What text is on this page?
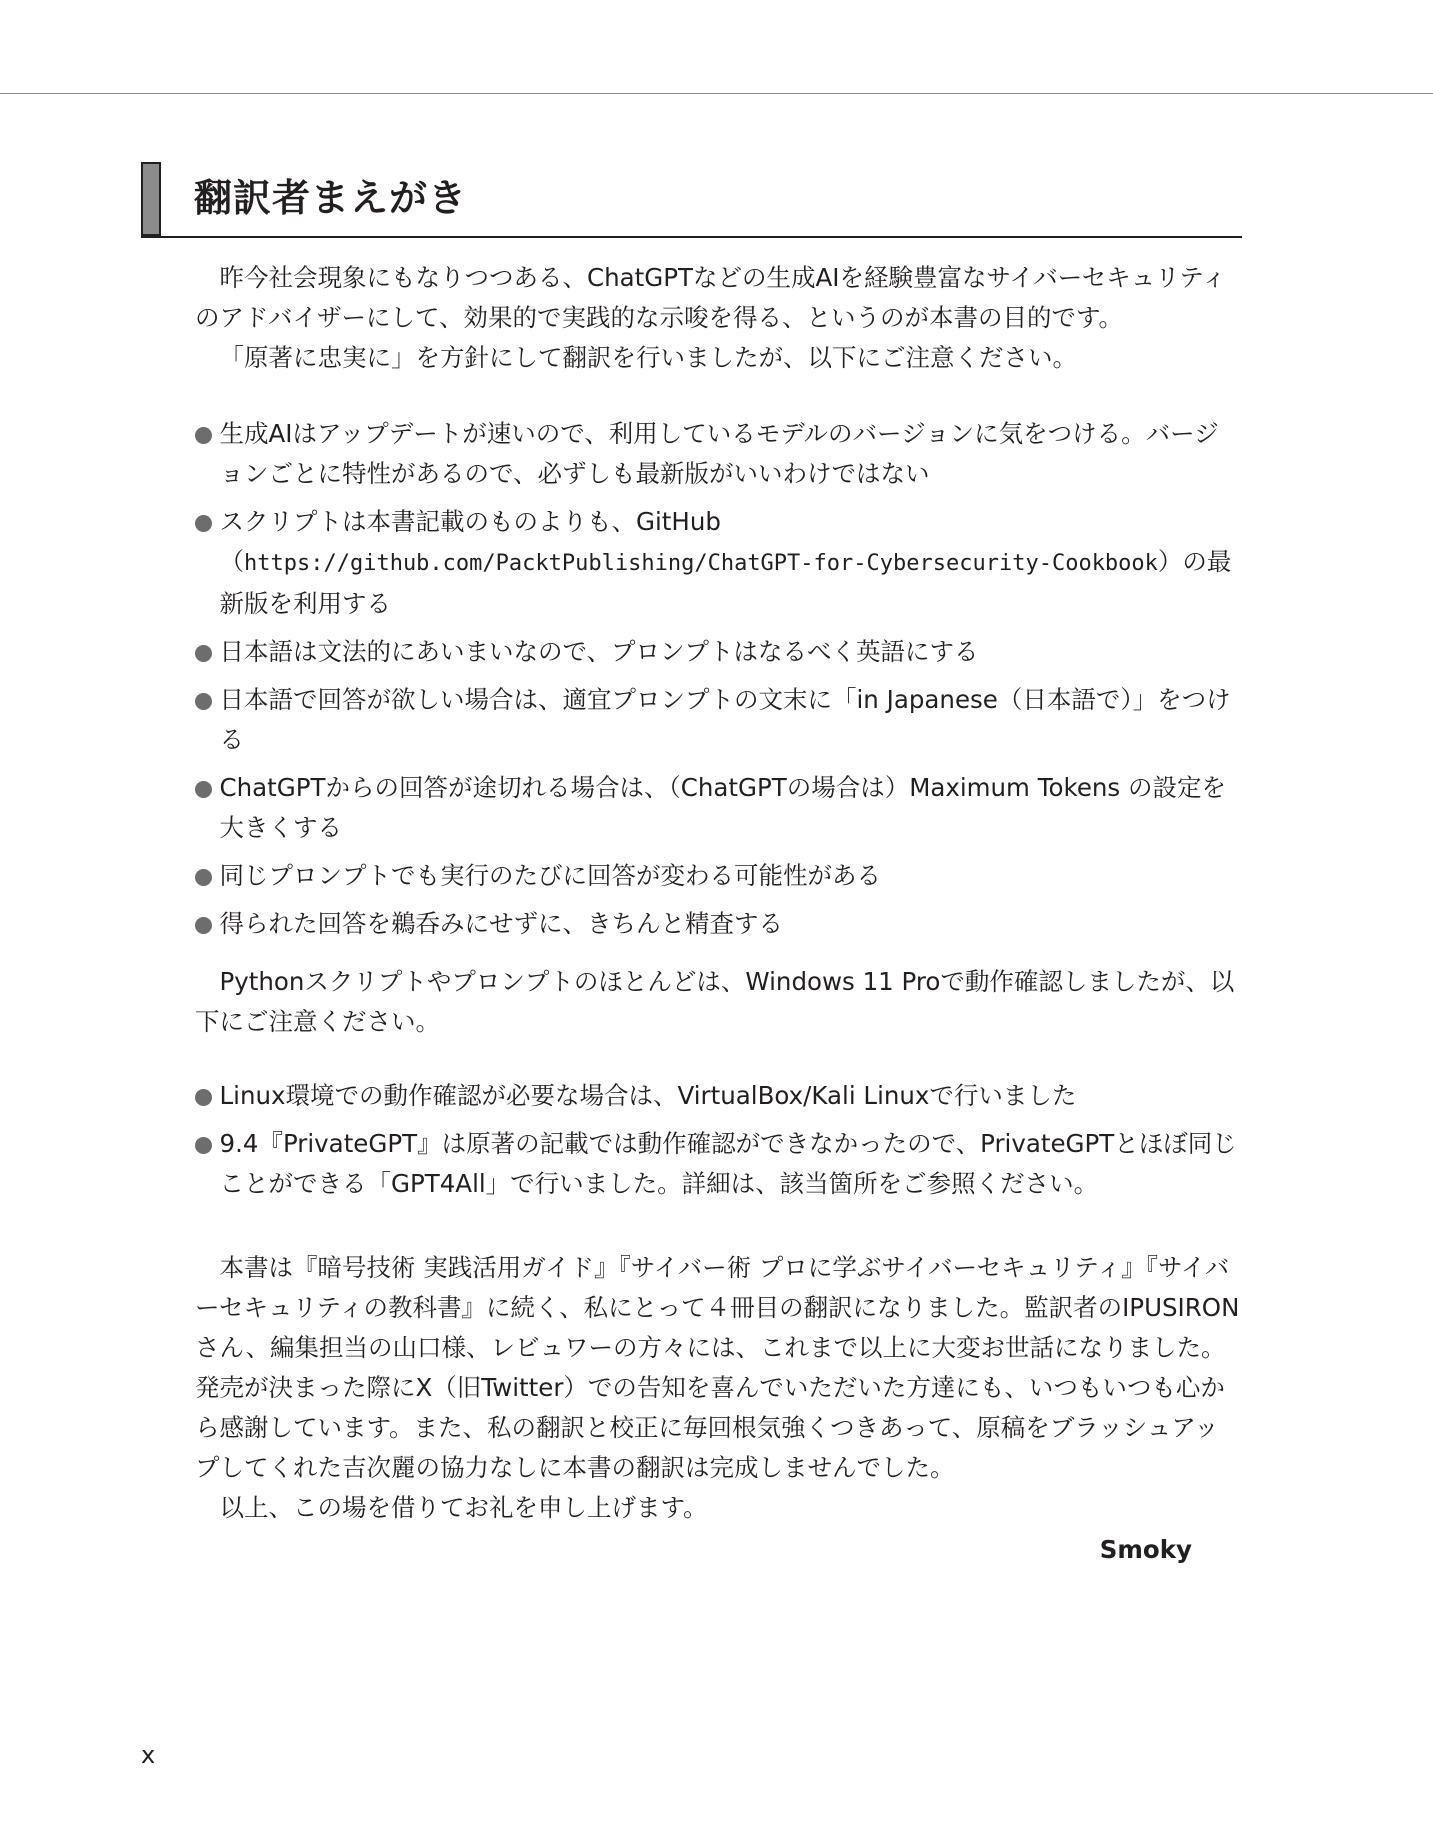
翻訳者まえがき

昨今社会現象にもなりつつある、ChatGPTなどの生成AIを経験豊富なサイバーセキュリティのアドバイザーにして、効果的で実践的な示唆を得る、というのが本書の目的です。

「原著に忠実に」を方針にして翻訳を行いましたが、以下にご注意ください。

生成AIはアップデートが速いので、利用しているモデルのバージョンに気をつける。バージョンごとに特性があるので、必ずしも最新版がいいわけではない
スクリプトは本書記載のものよりも、GitHub（https://github.com/PacktPublishing/ChatGPT-for-Cybersecurity-Cookbook）の最新版を利用する
日本語は文法的にあいまいなので、プロンプトはなるべく英語にする
日本語で回答が欲しい場合は、適宜プロンプトの文末に「in Japanese（日本語で）」をつける
ChatGPTからの回答が途切れる場合は、（ChatGPTの場合は）Maximum Tokens の設定を大きくする
同じプロンプトでも実行のたびに回答が変わる可能性がある
得られた回答を鵜呑みにせずに、きちんと精査する

Pythonスクリプトやプロンプトのほとんどは、Windows 11 Proで動作確認しましたが、以下にご注意ください。

Linux環境での動作確認が必要な場合は、VirtualBox/Kali Linuxで行いました
9.4『PrivateGPT』は原著の記載では動作確認ができなかったので、PrivateGPTとほぼ同じことができる「GPT4All」で行いました。詳細は、該当箇所をご参照ください。

本書は『暗号技術 実践活用ガイド』『サイバー術 プロに学ぶサイバーセキュリティ』『サイバーセキュリティの教科書』に続く、私にとって４冊目の翻訳になりました。監訳者のIPUSIRONさん、編集担当の山口様、レビュワーの方々には、これまで以上に大変お世話になりました。発売が決まった際にX（旧Twitter）での告知を喜んでいただいた方達にも、いつもいつも心から感謝しています。また、私の翻訳と校正に毎回根気強くつきあって、原稿をブラッシュアップしてくれた吉次麗の協力なしに本書の翻訳は完成しませんでした。

以上、この場を借りてお礼を申し上げます。

Smoky
x
